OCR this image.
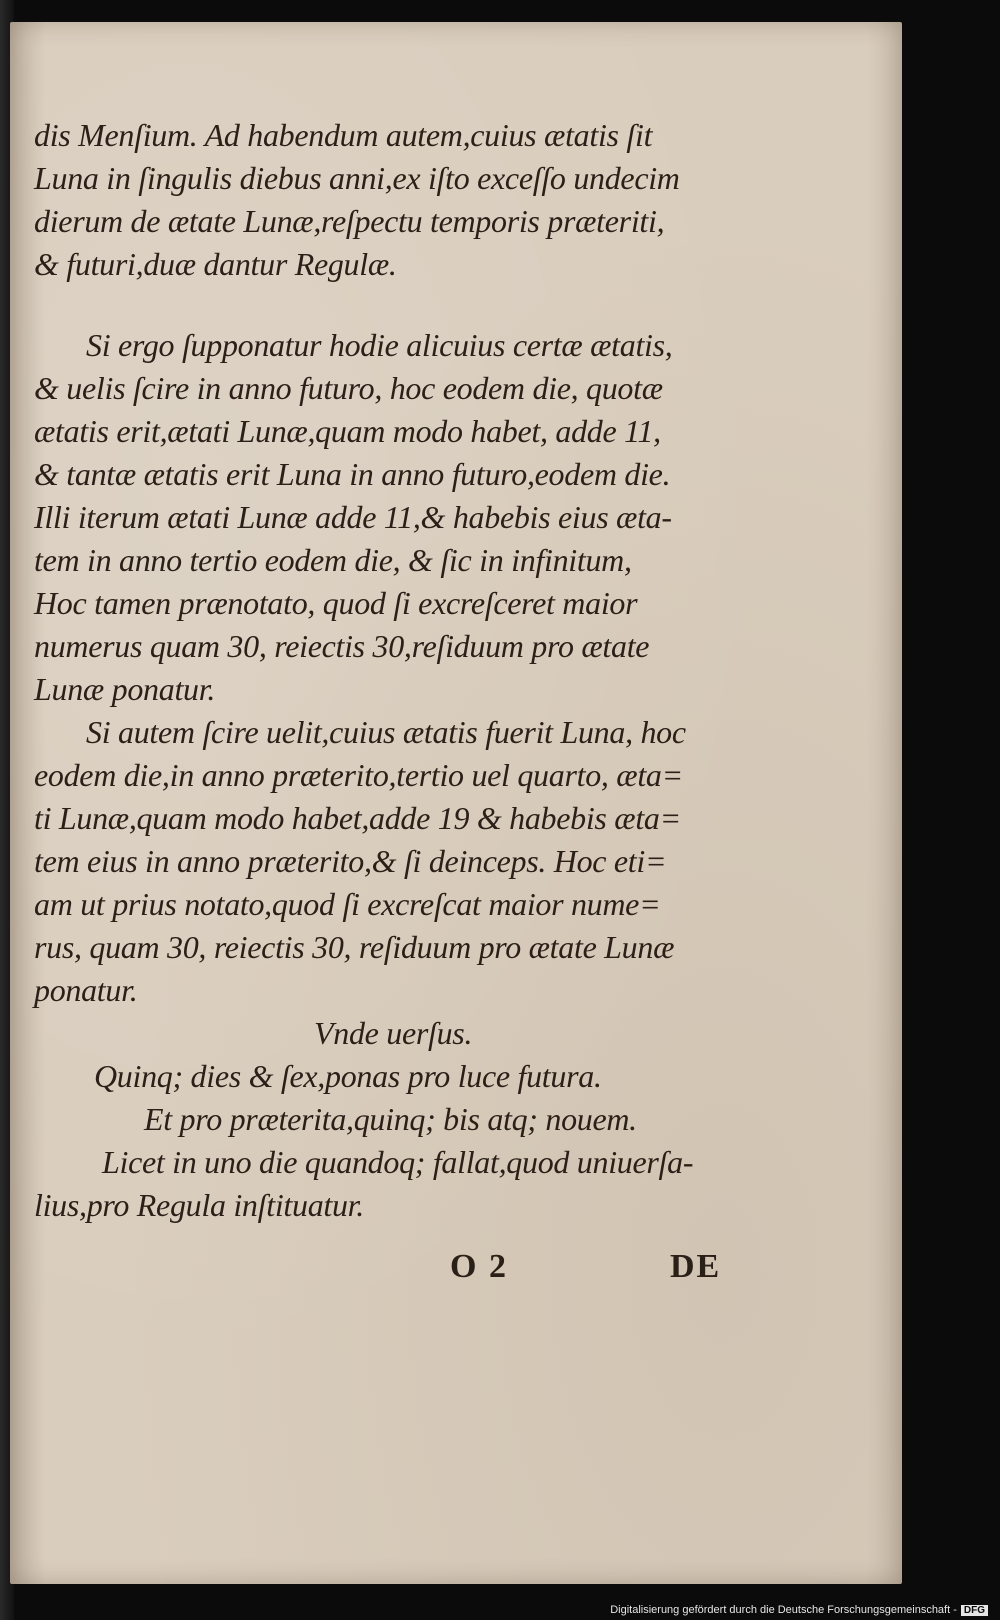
dis Menſium. Ad habendum autem,cuius ætatis ſit
Luna in ſingulis diebus anni,ex iſto exceſſo undecim
dierum de ætate Lunæ,reſpectu temporis præteriti,
& futuri,duæ dantur Regulæ.
Si ergo ſupponatur hodie alicuius certæ ætatis,
& uelis ſcire in anno futuro, hoc eodem die, quotæ
ætatis erit,ætati Lunæ,quam modo habet, adde 11,
& tantæ ætatis erit Luna in anno futuro,eodem die.
Illi iterum ætati Lunæ adde 11,& habebis eius æta-
tem in anno tertio eodem die, & ſic in infinitum,
Hoc tamen prænotato, quod ſi excreſceret maior
numerus quam 30, reiectis 30,reſiduum pro ætate
Lunæ ponatur.
Si autem ſcire uelit,cuius ætatis fuerit Luna, hoc
eodem die,in anno præterito,tertio uel quarto, æta=
ti Lunæ,quam modo habet,adde 19 & habebis æta=
tem eius in anno præterito,& ſi deinceps. Hoc eti=
am ut prius notato,quod ſi excreſcat maior nume=
rus, quam 30, reiectis 30, reſiduum pro ætate Lunæ
ponatur.
Vnde uerſus.
Quinq; dies & ſex,ponas pro luce futura.
Et pro præterita,quinq; bis atq; nouem.
Licet in uno die quandoq; fallat,quod uniuerſa-
lius,pro Regula inſtituatur.
O 2	DE
Digitalisierung gefördert durch die Deutsche Forschungsgemeinschaft - DFG
